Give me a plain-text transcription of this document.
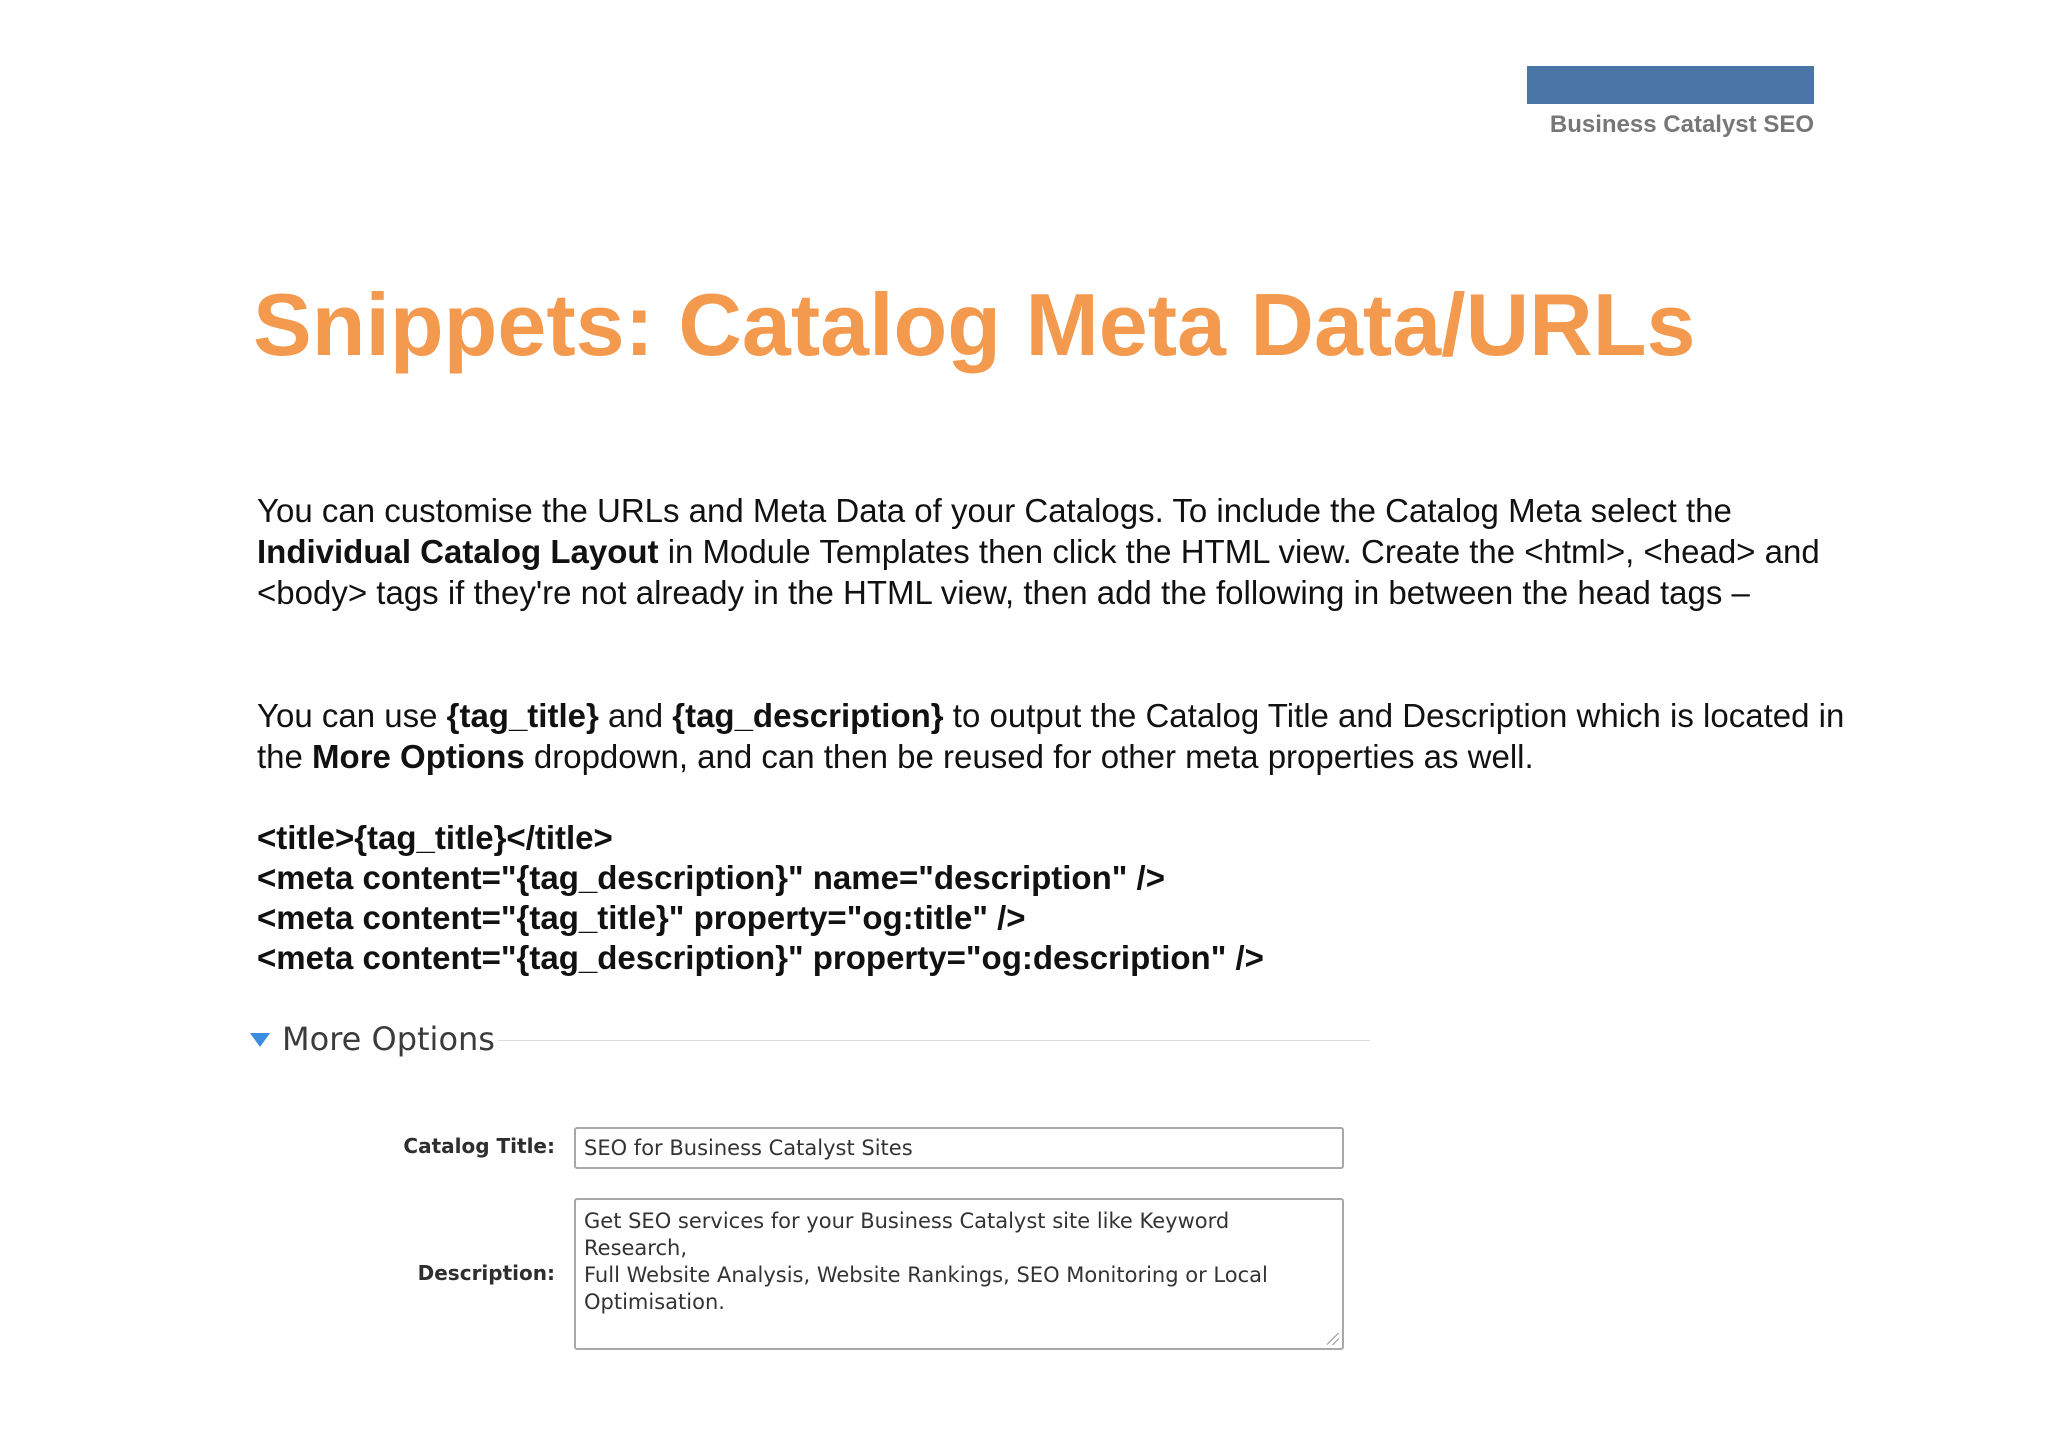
Business Catalyst SEO
Snippets: Catalog Meta Data/URLs

You can customise the URLs and Meta Data of your Catalogs. To include the Catalog Meta select the Individual Catalog Layout in Module Templates then click the HTML view. Create the <html>, <head> and <body> tags if they're not already in the HTML view, then add the following in between the head tags –

You can use {tag_title} and {tag_description} to output the Catalog Title and Description which is located in the More Options dropdown, and can then be reused for other meta properties as well.

<title>{tag_title}</title>
<meta content="{tag_description}" name="description" />
<meta content="{tag_title}" property="og:title" />
<meta content="{tag_description}" property="og:description" />
More Options
Catalog Title:	SEO for Business Catalyst Sites
Description:
Get SEO services for your Business Catalyst site like Keyword Research,
Full Website Analysis, Website Rankings, SEO Monitoring or Local
Optimisation.
